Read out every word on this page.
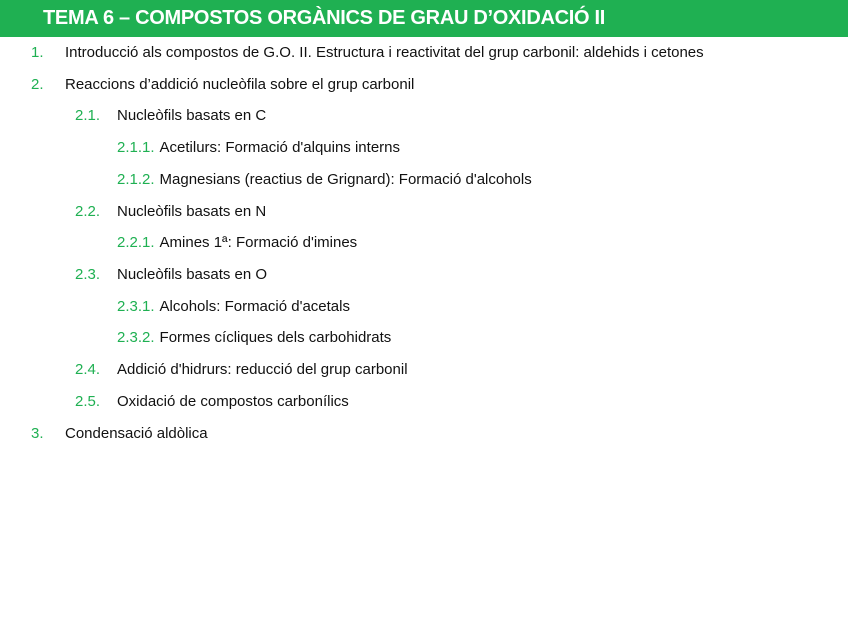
TEMA 6 – COMPOSTOS ORGÀNICS DE GRAU D’OXIDACIÓ II
1. Introducció als compostos de G.O. II. Estructura i reactivitat del grup carbonil: aldehids i cetones
2. Reaccions d’addició nucleòfila sobre el grup carbonil
2.1. Nucleòfils basats en C
2.1.1. Acetilurs: Formació d'alquins interns
2.1.2. Magnesians (reactius de Grignard): Formació d'alcohols
2.2. Nucleòfils basats en N
2.2.1. Amines 1ª: Formació d'imines
2.3. Nucleòfils basats en O
2.3.1. Alcohols: Formació d'acetals
2.3.2. Formes cícliques dels carbohidrats
2.4. Addició d'hidrurs: reducció del grup carbonil
2.5. Oxidació de compostos carbonílics
3. Condensació aldòlica
